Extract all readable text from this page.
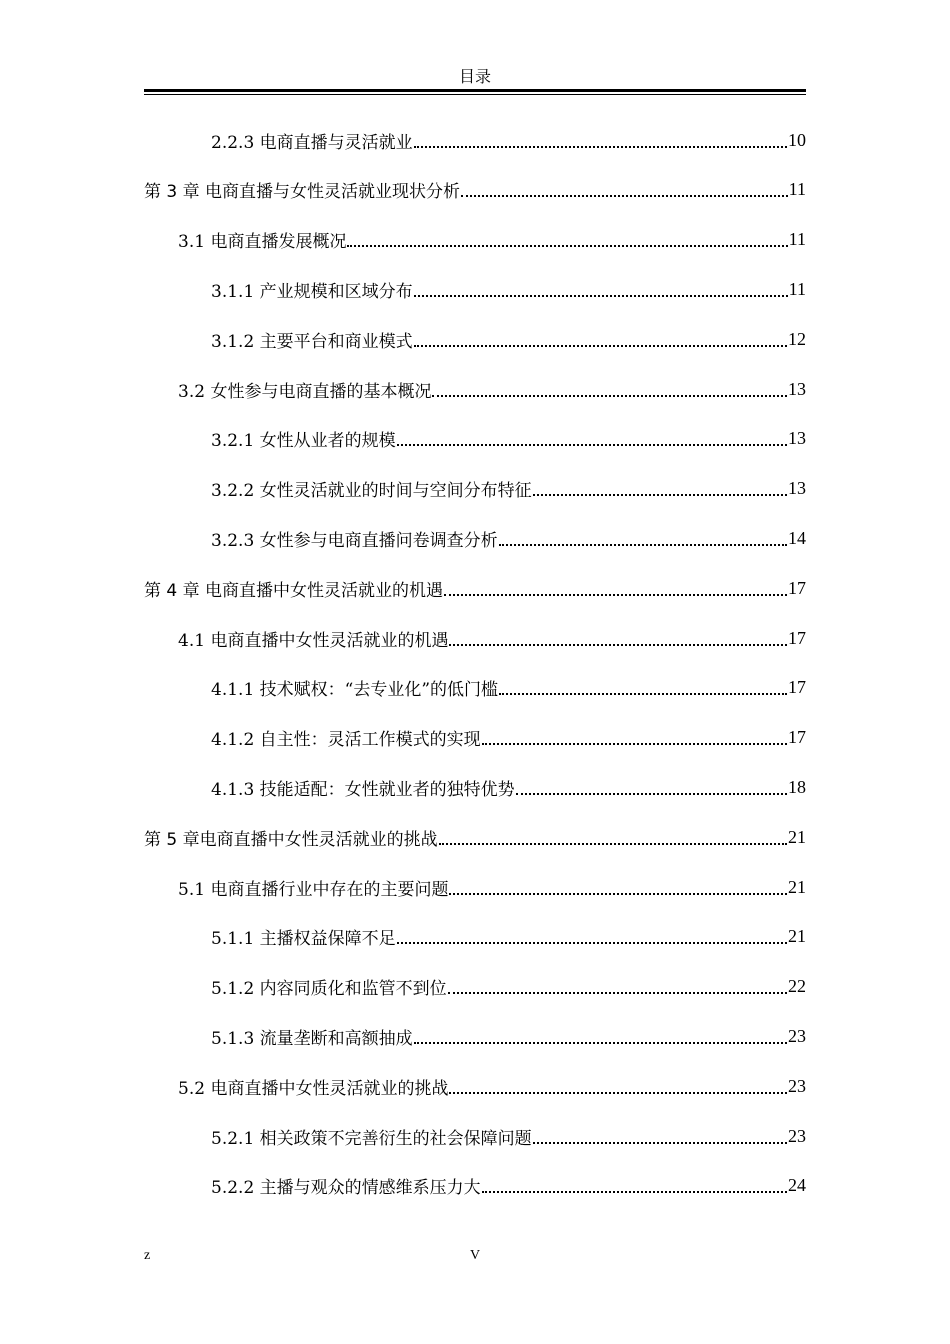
目录
2.2.3 电商直播与灵活就业	10
第 3 章 电商直播与女性灵活就业现状分析	11
3.1 电商直播发展概况	11
3.1.1 产业规模和区域分布	11
3.1.2 主要平台和商业模式	12
3.2 女性参与电商直播的基本概况	13
3.2.1 女性从业者的规模	13
3.2.2 女性灵活就业的时间与空间分布特征	13
3.2.3 女性参与电商直播问卷调查分析	14
第 4 章 电商直播中女性灵活就业的机遇	17
4.1 电商直播中女性灵活就业的机遇	17
4.1.1 技术赋权：“去专业化”的低门槛	17
4.1.2 自主性：灵活工作模式的实现	17
4.1.3 技能适配：女性就业者的独特优势	18
第 5 章电商直播中女性灵活就业的挑战	21
5.1 电商直播行业中存在的主要问题	21
5.1.1 主播权益保障不足	21
5.1.2 内容同质化和监管不到位	22
5.1.3 流量垄断和高额抽成	23
5.2 电商直播中女性灵活就业的挑战	23
5.2.1 相关政策不完善衍生的社会保障问题	23
5.2.2 主播与观众的情感维系压力大	24
z	V
